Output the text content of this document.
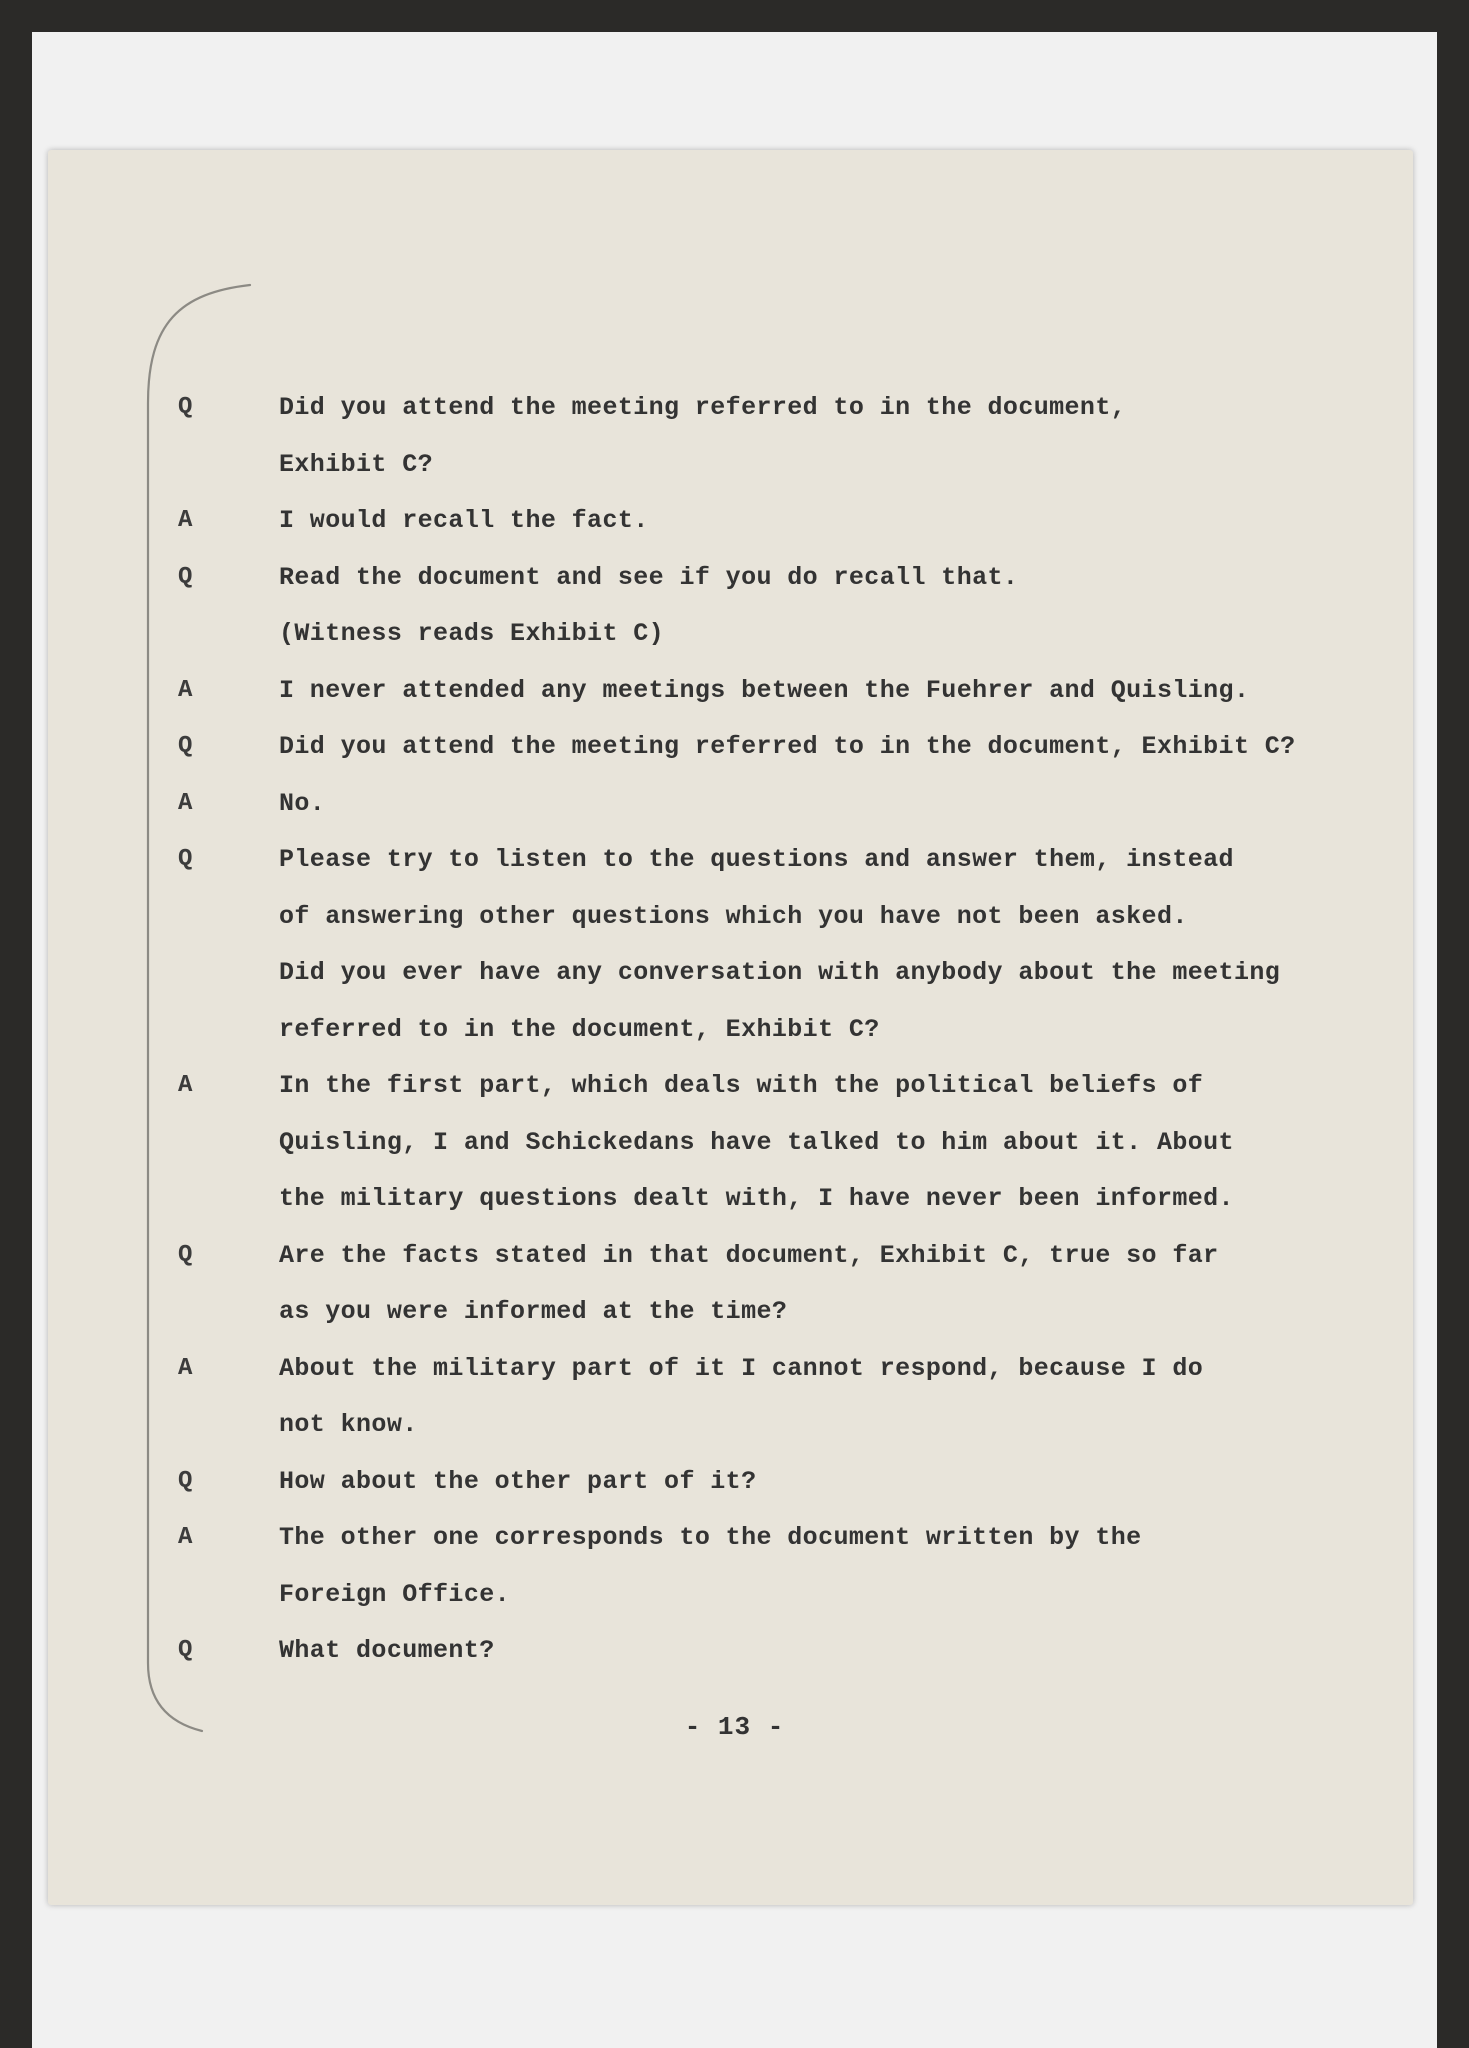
Q	Did you attend the meeting referred to in the document,
Exhibit C?
A	I would recall the fact.
Q	Read the document and see if you do recall that.
(Witness reads Exhibit C)
A	I never attended any meetings between the Fuehrer and Quisling.
Q	Did you attend the meeting referred to in the document, Exhibit C?
A	No.
Q	Please try to listen to the questions and answer them, instead
of answering other questions which you have not been asked.
Did you ever have any conversation with anybody about the meeting
referred to in the document, Exhibit C?
A	In the first part, which deals with the political beliefs of
Quisling, I and Schickedans have talked to him about it. About
the military questions dealt with, I have never been informed.
Q	Are the facts stated in that document, Exhibit C, true so far
as you were informed at the time?
A	About the military part of it I cannot respond, because I do
not know.
Q	How about the other part of it?
A	The other one corresponds to the document written by the
Foreign Office.
Q	What document?
- 13 -
